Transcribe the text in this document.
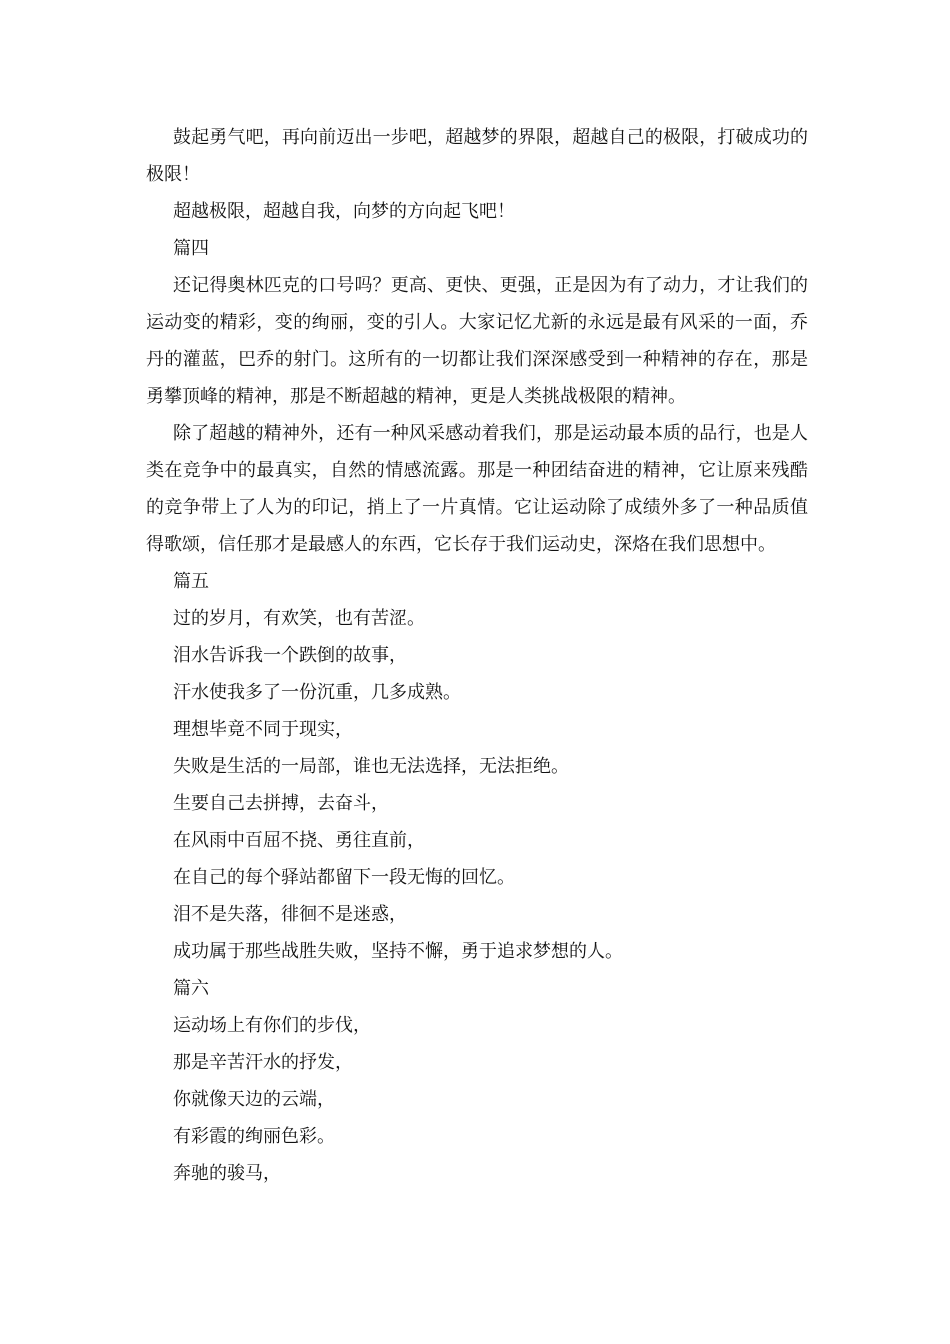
鼓起勇气吧，再向前迈出一步吧，超越梦的界限，超越自己的极限，打破成功的极限！

超越极限，超越自我，向梦的方向起飞吧！

篇四

还记得奥林匹克的口号吗？更高、更快、更强，正是因为有了动力，才让我们的运动变的精彩，变的绚丽，变的引人。大家记忆尤新的永远是最有风采的一面，乔丹的灌蓝，巴乔的射门。这所有的一切都让我们深深感受到一种精神的存在，那是勇攀顶峰的精神，那是不断超越的精神，更是人类挑战极限的精神。

除了超越的精神外，还有一种风采感动着我们，那是运动最本质的品行，也是人类在竞争中的最真实，自然的情感流露。那是一种团结奋进的精神，它让原来残酷的竞争带上了人为的印记，捎上了一片真情。它让运动除了成绩外多了一种品质值得歌颂，信任那才是最感人的东西，它长存于我们运动史，深烙在我们思想中。

篇五

过的岁月，有欢笑，也有苦涩。

泪水告诉我一个跌倒的故事，

汗水使我多了一份沉重，几多成熟。

理想毕竟不同于现实，

失败是生活的一局部，谁也无法选择，无法拒绝。

生要自己去拼搏，去奋斗，

在风雨中百屈不挠、勇往直前，

在自己的每个驿站都留下一段无悔的回忆。

泪不是失落，徘徊不是迷惑，

成功属于那些战胜失败，坚持不懈，勇于追求梦想的人。

篇六

运动场上有你们的步伐，

那是辛苦汗水的抒发，

你就像天边的云端，

有彩霞的绚丽色彩。

奔驰的骏马，
